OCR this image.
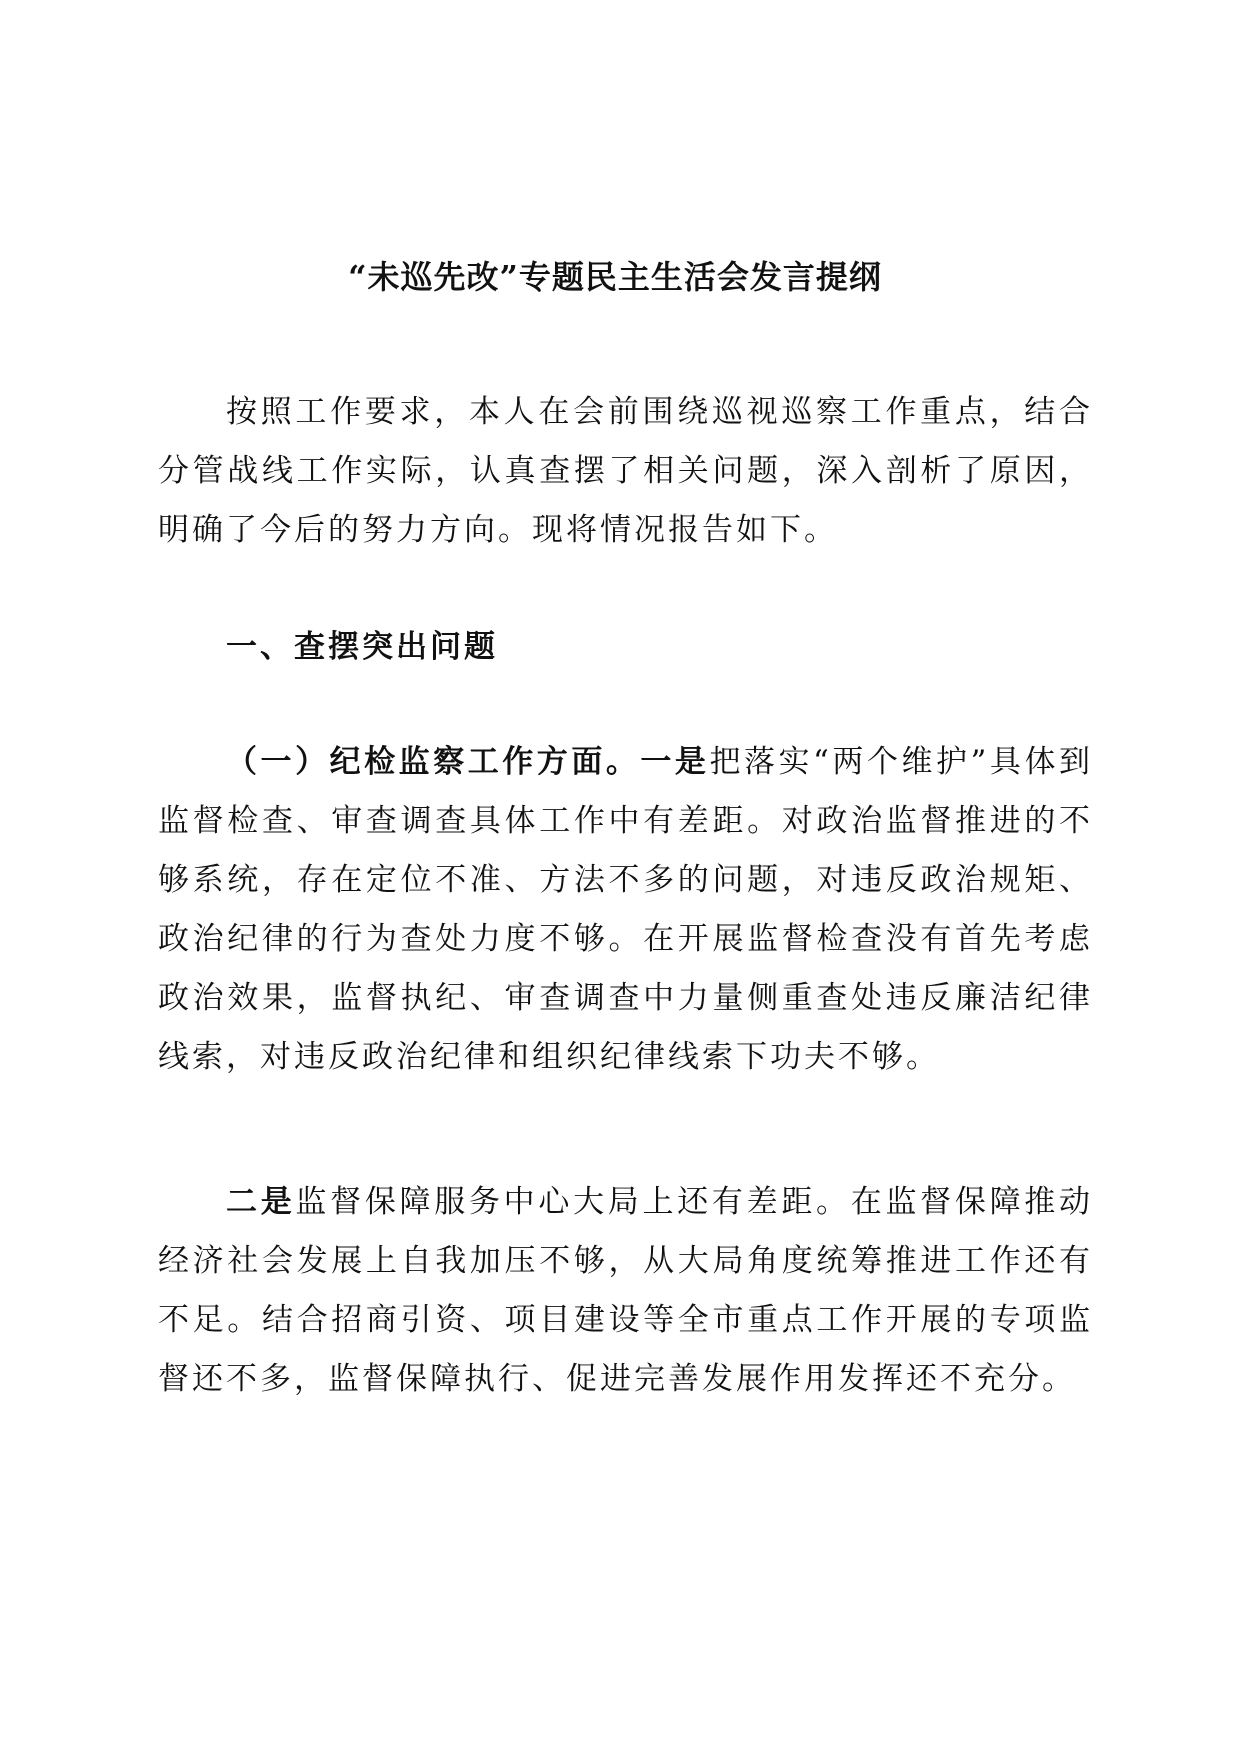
“未巡先改”专题民主生活会发言提纲

按照工作要求，本人在会前围绕巡视巡察工作重点，结合分管战线工作实际，认真查摆了相关问题，深入剖析了原因，明确了今后的努力方向。现将情况报告如下。

一、查摆突出问题

（一）纪检监察工作方面。一是把落实“两个维护”具体到监督检查、审查调查具体工作中有差距。对政治监督推进的不够系统，存在定位不准、方法不多的问题，对违反政治规矩、政治纪律的行为查处力度不够。在开展监督检查没有首先考虑政治效果，监督执纪、审查调查中力量侧重查处违反廉洁纪律线索，对违反政治纪律和组织纪律线索下功夫不够。

二是监督保障服务中心大局上还有差距。在监督保障推动经济社会发展上自我加压不够，从大局角度统筹推进工作还有不足。结合招商引资、项目建设等全市重点工作开展的专项监督还不多，监督保障执行、促进完善发展作用发挥还不充分。
